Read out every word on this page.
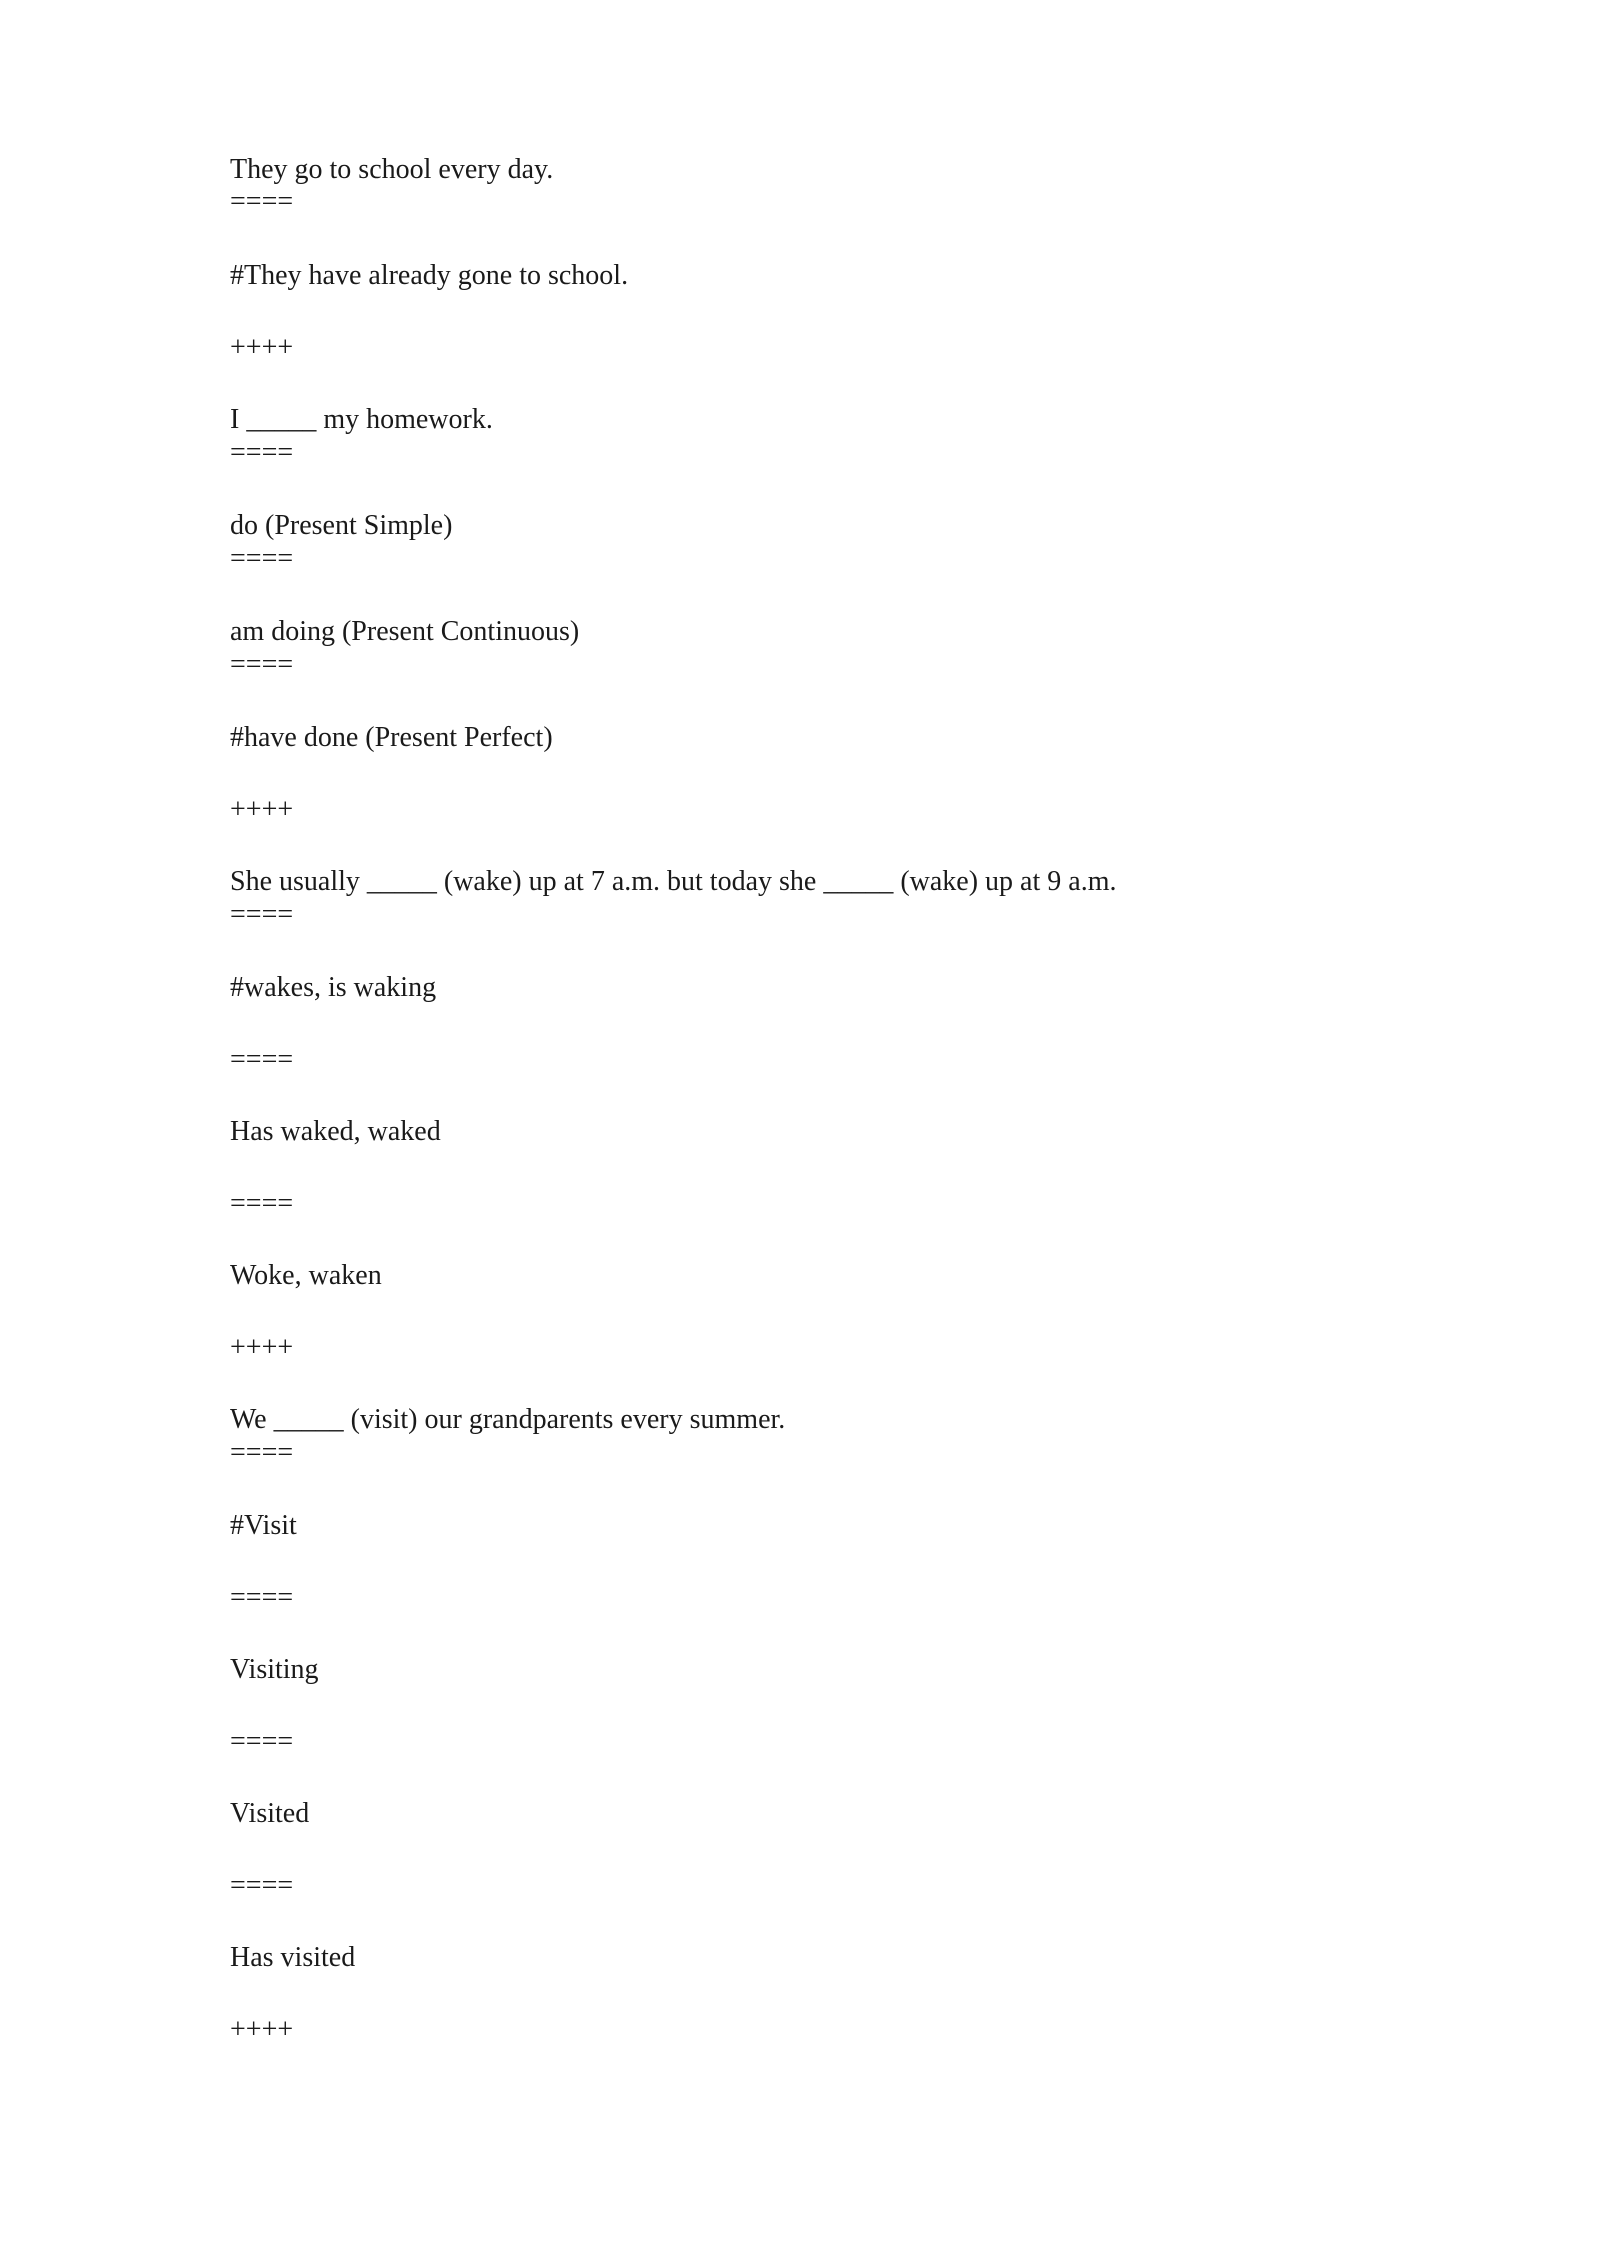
They go to school every day.

====

#They have already gone to school.

++++

I _____ my homework.

====

do (Present Simple)

====

am doing (Present Continuous)

====

#have done (Present Perfect)

++++

She usually _____ (wake) up at 7 a.m. but today she _____ (wake) up at 9 a.m.

====

#wakes, is waking

====

Has waked, waked

====

Woke, waken

++++

We _____ (visit) our grandparents every summer.

====

#Visit

====

Visiting

====

Visited

====

Has visited

++++
